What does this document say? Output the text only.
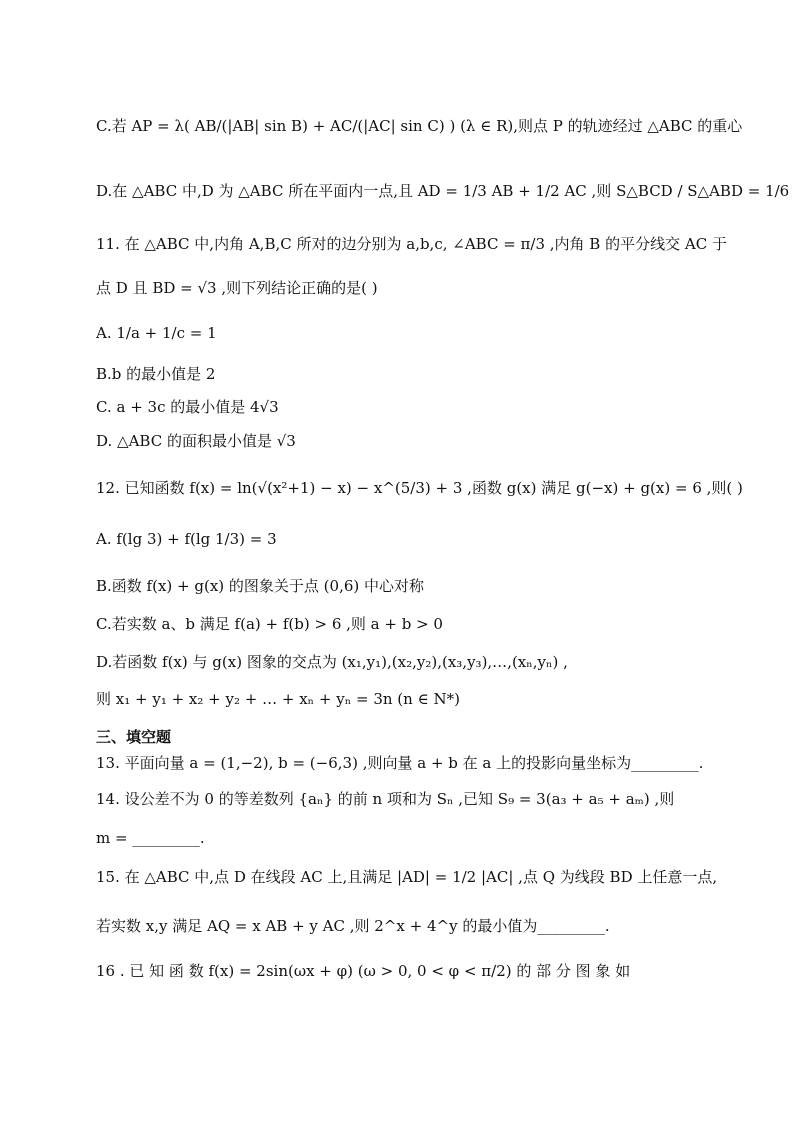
C.若 AP = λ( AB/(|AB| sin B) + AC/(|AC| sin C) ) (λ ∈ R),则点 P 的轨迹经过 △ABC 的重心
D.在 △ABC 中,D 为 △ABC 所在平面内一点,且 AD = 1/3 AB + 1/2 AC ,则 S△BCD / S△ABD = 1/6
11. 在 △ABC 中,内角 A,B,C 所对的边分别为 a,b,c, ∠ABC = π/3 ,内角 B 的平分线交 AC 于
点 D 且 BD = √3 ,则下列结论正确的是( )
A. 1/a + 1/c = 1
B.b 的最小值是 2
C. a + 3c 的最小值是 4√3
D. △ABC 的面积最小值是 √3
12. 已知函数 f(x) = ln(√(x²+1) − x) − x^(5/3) + 3 ,函数 g(x) 满足 g(−x) + g(x) = 6 ,则( )
A. f(lg 3) + f(lg 1/3) = 3
B.函数 f(x) + g(x) 的图象关于点 (0,6) 中心对称
C.若实数 a、b 满足 f(a) + f(b) > 6 ,则 a + b > 0
D.若函数 f(x) 与 g(x) 图象的交点为 (x₁,y₁),(x₂,y₂),(x₃,y₃),…,(xₙ,yₙ) ,
则 x₁ + y₁ + x₂ + y₂ + … + xₙ + yₙ = 3n (n ∈ N*)
三、填空题
13. 平面向量 a = (1,−2), b = (−6,3) ,则向量 a + b 在 a 上的投影向量坐标为_________.
14. 设公差不为 0 的等差数列 {aₙ} 的前 n 项和为 Sₙ ,已知 S₉ = 3(a₃ + a₅ + aₘ) ,则
m = _________.
15. 在 △ABC 中,点 D 在线段 AC 上,且满足 |AD| = 1/2 |AC| ,点 Q 为线段 BD 上任意一点,
若实数 x,y 满足 AQ = x AB + y AC ,则 2^x + 4^y 的最小值为_________.
16 . 已 知 函 数 f(x) = 2sin(ωx + φ) (ω > 0, 0 < φ < π/2) 的 部 分 图 象 如
